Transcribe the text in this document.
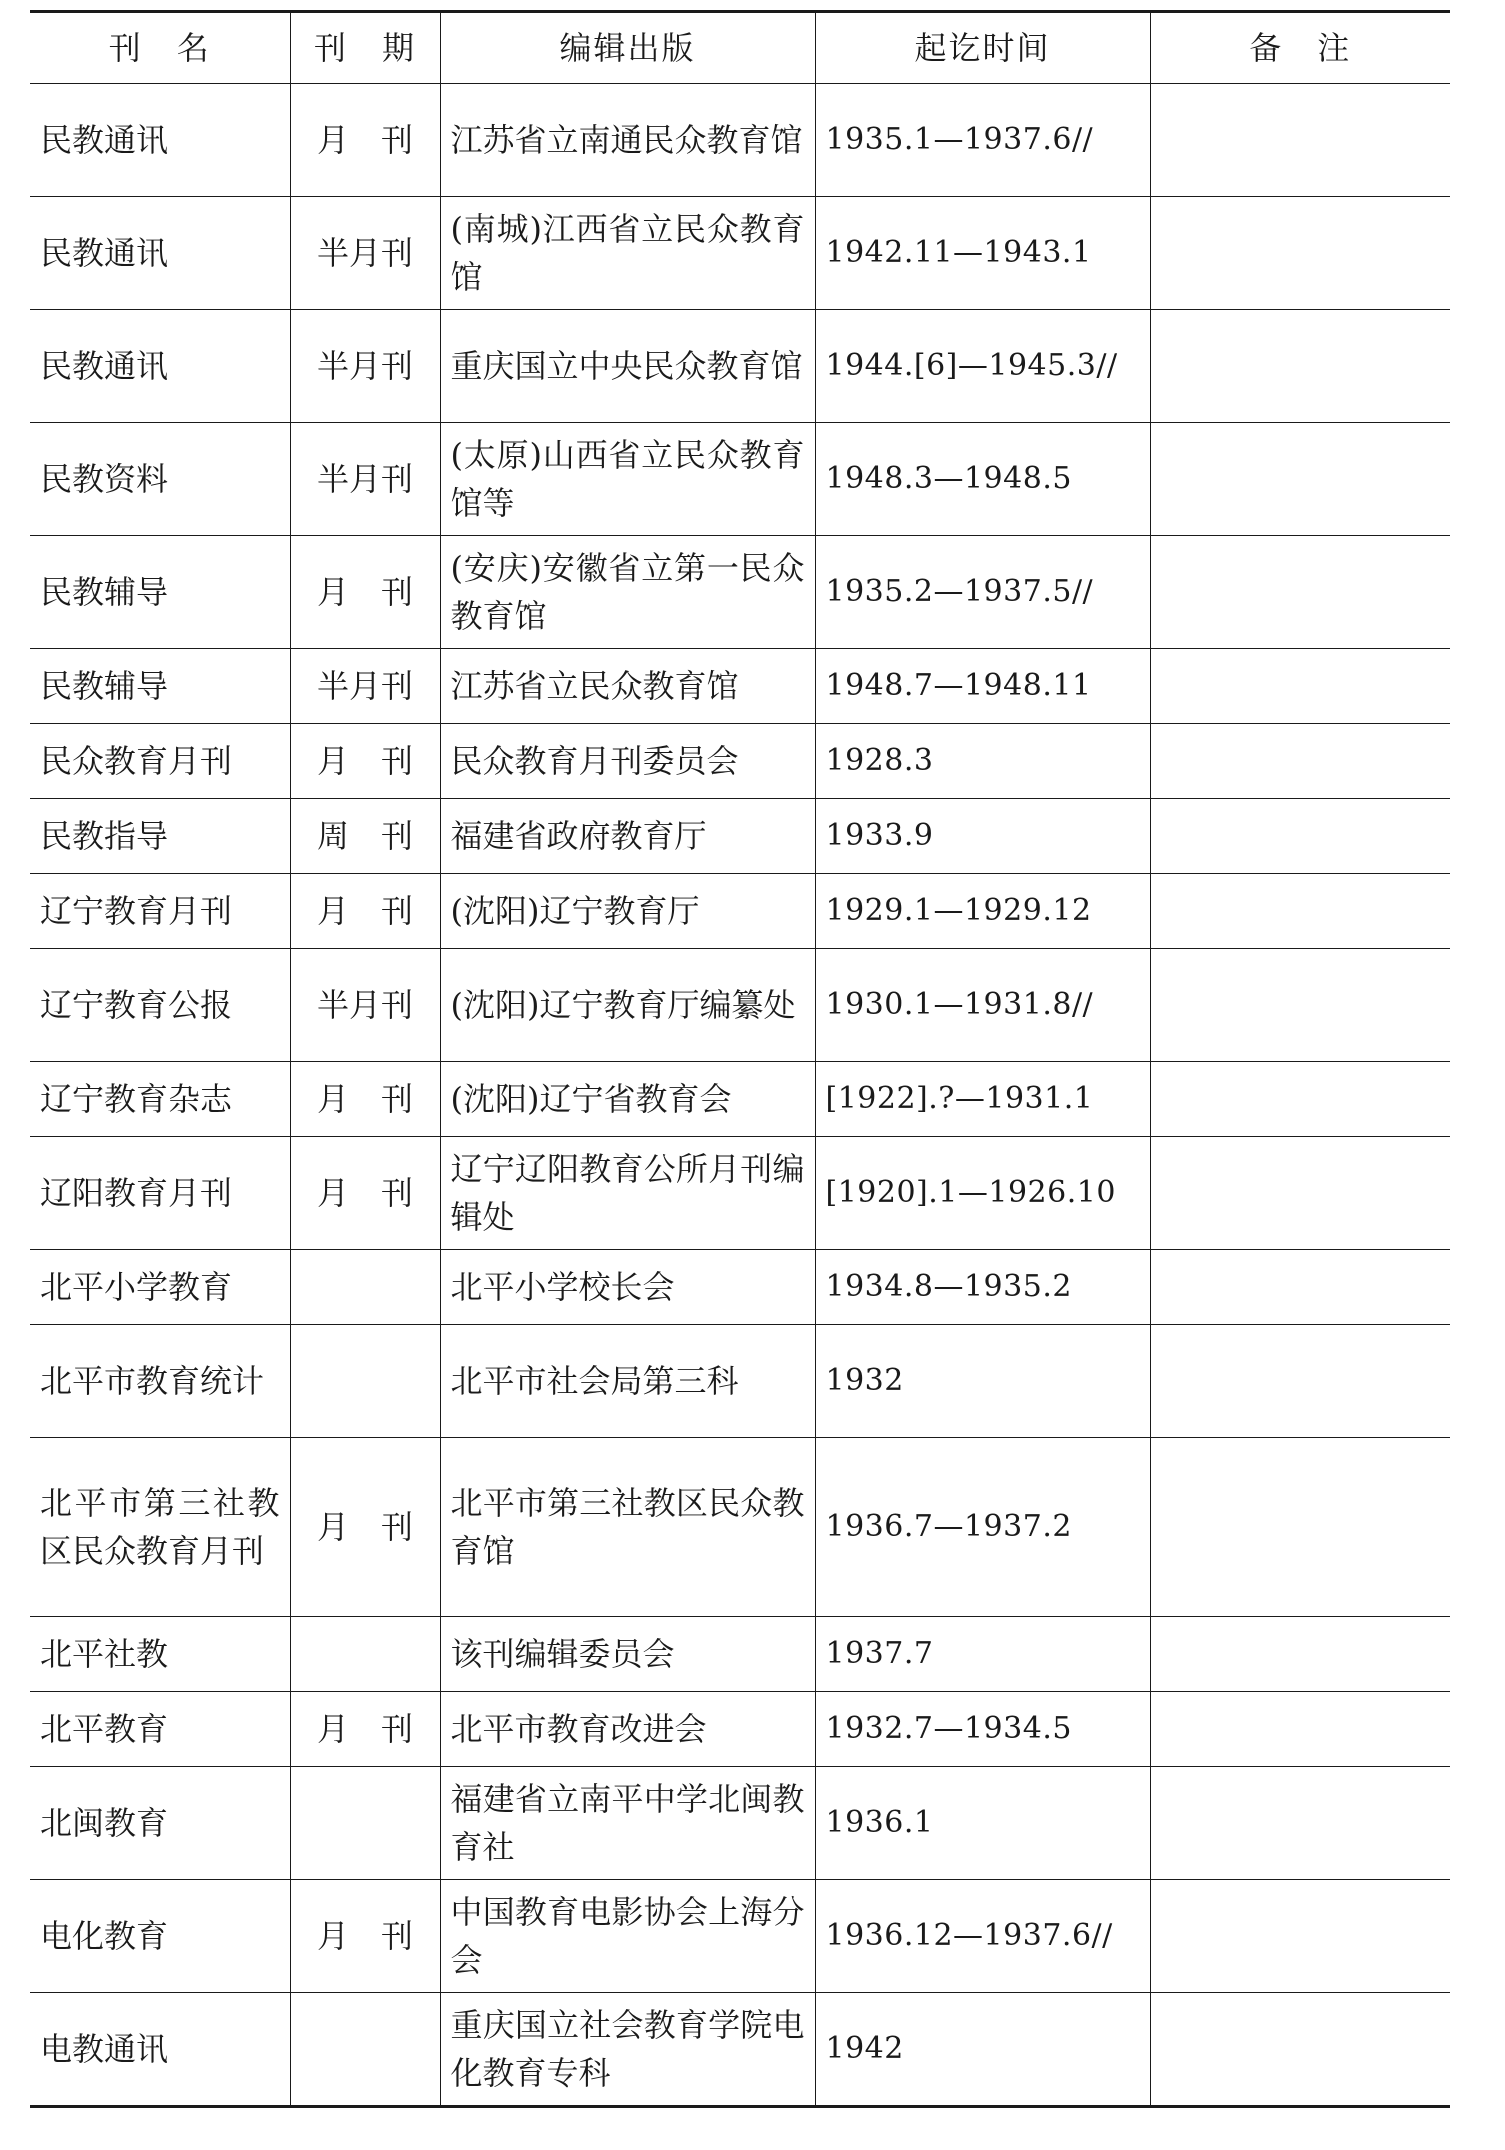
刊　名	刊　期	编辑出版	起讫时间	备　注
民教通讯	月　刊	江苏省立南通民众教育馆	1935.1—1937.6//	
民教通讯	半月刊	(南城)江西省立民众教育馆	1942.11—1943.1	
民教通讯	半月刊	重庆国立中央民众教育馆	1944.[6]—1945.3//	
民教资料	半月刊	(太原)山西省立民众教育馆等	1948.3—1948.5	
民教辅导	月　刊	(安庆)安徽省立第一民众教育馆	1935.2—1937.5//	
民教辅导	半月刊	江苏省立民众教育馆	1948.7—1948.11	
民众教育月刊	月　刊	民众教育月刊委员会	1928.3	
民教指导	周　刊	福建省政府教育厅	1933.9	
辽宁教育月刊	月　刊	(沈阳)辽宁教育厅	1929.1—1929.12	
辽宁教育公报	半月刊	(沈阳)辽宁教育厅编纂处	1930.1—1931.8//	
辽宁教育杂志	月　刊	(沈阳)辽宁省教育会	[1922].?—1931.1	
辽阳教育月刊	月　刊	辽宁辽阳教育公所月刊编辑处	[1920].1—1926.10	
北平小学教育		北平小学校长会	1934.8—1935.2	
北平市教育统计		北平市社会局第三科	1932	
北平市第三社教区民众教育月刊	月　刊	北平市第三社教区民众教育馆	1936.7—1937.2	
北平社教		该刊编辑委员会	1937.7	
北平教育	月　刊	北平市教育改进会	1932.7—1934.5	
北闽教育		福建省立南平中学北闽教育社	1936.1	
电化教育	月　刊	中国教育电影协会上海分会	1936.12—1937.6//	
电教通讯		重庆国立社会教育学院电化教育专科	1942	
